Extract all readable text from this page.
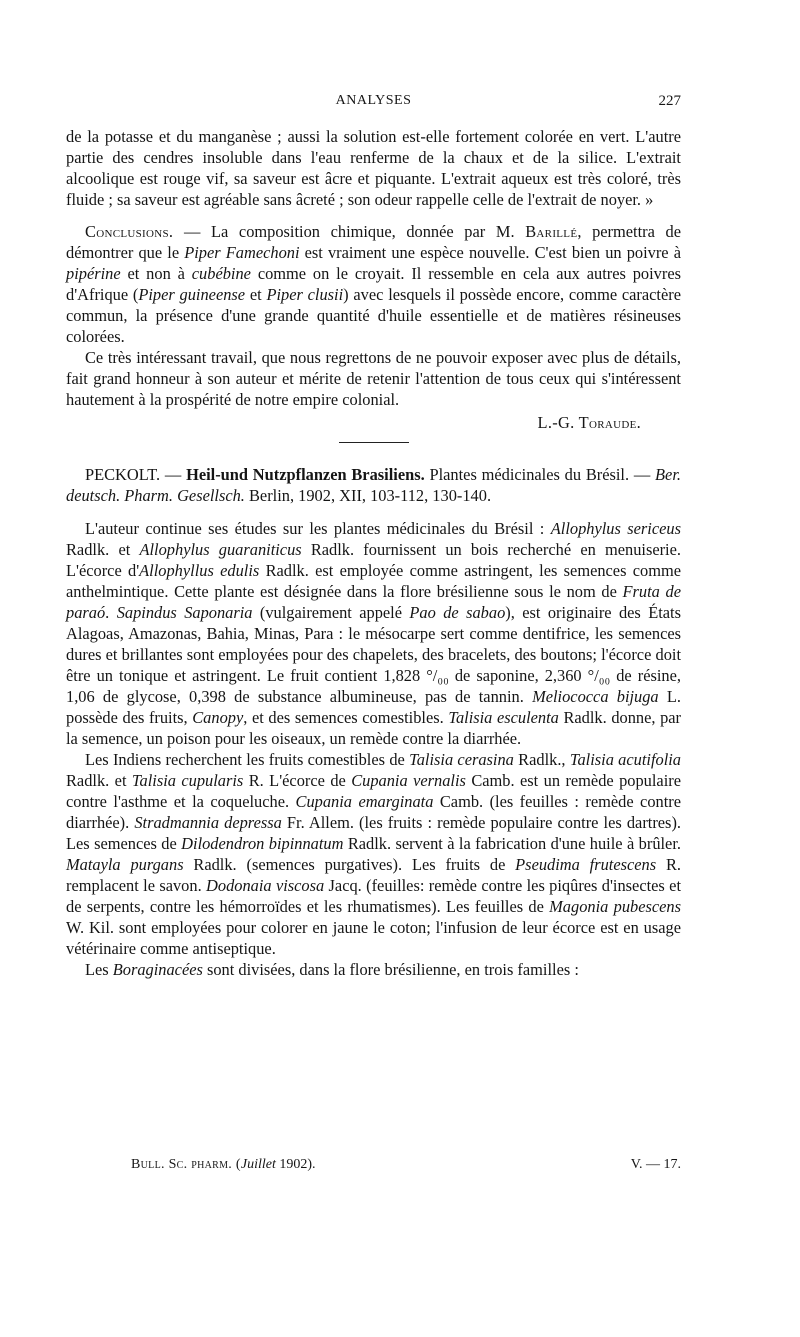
ANALYSES	227

de la potasse et du manganèse ; aussi la solution est-elle fortement colorée en vert. L'autre partie des cendres insoluble dans l'eau renferme de la chaux et de la silice. L'extrait alcoolique est rouge vif, sa saveur est âcre et piquante. L'extrait aqueux est très coloré, très fluide ; sa saveur est agréable sans âcreté ; son odeur rappelle celle de l'extrait de noyer. »

Conclusions. — La composition chimique, donnée par M. Barillé, permettra de démontrer que le Piper Famechoni est vraiment une espèce nouvelle. C'est bien un poivre à pipérine et non à cubébine comme on le croyait. Il ressemble en cela aux autres poivres d'Afrique (Piper guineense et Piper clusii) avec lesquels il possède encore, comme caractère commun, la présence d'une grande quantité d'huile essentielle et de matières résineuses colorées.

Ce très intéressant travail, que nous regrettons de ne pouvoir exposer avec plus de détails, fait grand honneur à son auteur et mérite de retenir l'attention de tous ceux qui s'intéressent hautement à la prospérité de notre empire colonial.

L.-G. Toraude.

PECKOLT. — Heil-und Nutzpflanzen Brasiliens. Plantes médicinales du Brésil. — Ber. deutsch. Pharm. Gesellsch. Berlin, 1902, XII, 103-112, 130-140.

L'auteur continue ses études sur les plantes médicinales du Brésil : Allophylus sericeus Radlk. et Allophylus guaraniticus Radlk. fournissent un bois recherché en menuiserie. L'écorce d'Allophyllus edulis Radlk. est employée comme astringent, les semences comme anthelmintique. Cette plante est désignée dans la flore brésilienne sous le nom de Fruta de paraó. Sapindus Saponaria (vulgairement appelé Pao de sabao), est originaire des États Alagoas, Amazonas, Bahia, Minas, Para : le mésocarpe sert comme dentifrice, les semences dures et brillantes sont employées pour des chapelets, des bracelets, des boutons; l'écorce doit être un tonique et astringent. Le fruit contient 1,828 °/₀₀ de saponine, 2,360 °/₀₀ de résine, 1,06 de glycose, 0,398 de substance albumineuse, pas de tannin. Meliococca bijuga L. possède des fruits, Canopy, et des semences comestibles. Talisia esculenta Radlk. donne, par la semence, un poison pour les oiseaux, un remède contre la diarrhée.

Les Indiens recherchent les fruits comestibles de Talisia cerasina Radlk., Talisia acutifolia Radlk. et Talisia cupularis R. L'écorce de Cupania vernalis Camb. est un remède populaire contre l'asthme et la coqueluche. Cupania emarginata Camb. (les feuilles : remède contre diarrhée). Stradmannia depressa Fr. Allem. (les fruits : remède populaire contre les dartres). Les semences de Dilodendron bipinnatum Radlk. servent à la fabrication d'une huile à brûler. Matayla purgans Radlk. (semences purgatives). Les fruits de Pseudima frutescens R. remplacent le savon. Dodonaia viscosa Jacq. (feuilles: remède contre les piqûres d'insectes et de serpents, contre les hémorroïdes et les rhumatismes). Les feuilles de Magonia pubescens W. Kil. sont employées pour colorer en jaune le coton; l'infusion de leur écorce est en usage vétérinaire comme antiseptique.

Les Boraginacées sont divisées, dans la flore brésilienne, en trois familles :

Bull. Sc. pharm. (Juillet 1902).	V. — 17.
